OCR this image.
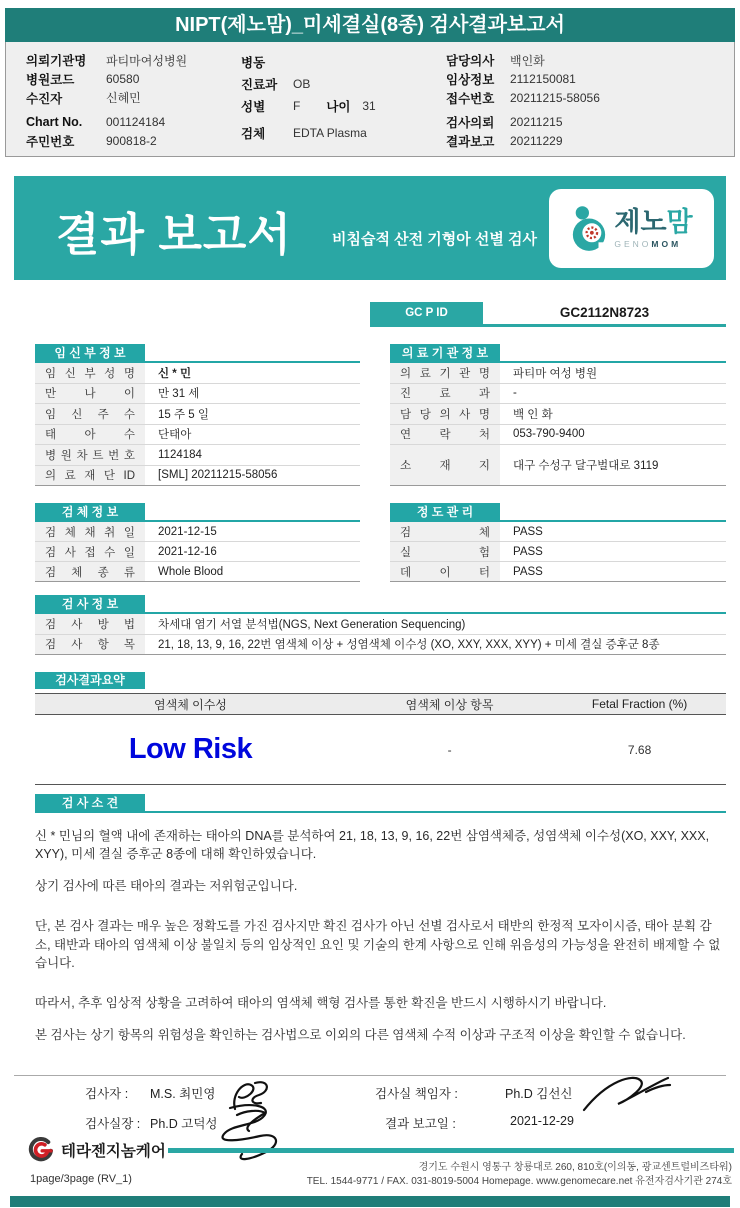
NIPT(제노맘)_미세결실(8종) 검사결과보고서
의뢰기관명	파티마여성병원
병원코드	60580
수진자	신혜민
Chart No.	001124184
주민번호	900818-2
병동
진료과	OB
성별	F 나이 31
검체	EDTA Plasma
담당의사	백인화
임상정보	2112150081
접수번호	20211215-58056
검사의뢰	20211215
결과보고	20211229
결과 보고서	비침습적 산전 기형아 선별 검사
제노맘
GENOMOM
GC P ID	GC2112N8723
임 신 부 정 보
임 신 부 성 명	신 * 민
만 나 이	만 31 세
임 신 주 수	15 주 5 일
태 아 수	단태아
병 원 차 트 번 호	1124184
의 료 재 단 ID	[SML] 20211215-58056
의 료 기 관 정 보
의 료 기 관 명	파티마 여성 병원
진 료 과	-
담 당 의 사 명	백 인 화
연 락 처	053-790-9400
소 재 지	대구 수성구 달구벌대로 3119
검 체 정 보
검 체 채 취 일	2021-12-15
검 사 접 수 일	2021-12-16
검 체 종 류	Whole Blood
정 도 관 리
검 체	PASS
실 험	PASS
데 이 터	PASS
검 사 정 보
검 사 방 법	차세대 염기 서열 분석법(NGS, Next Generation Sequencing)
검 사 항 목	21, 18, 13, 9, 16, 22번 염색체 이상 + 성염색체 이수성 (XO, XXY, XXX, XYY) + 미세 결실 증후군 8종
검사결과요약
염색체 이수성	염색체 이상 항목	Fetal Fraction (%)
Low Risk	-	7.68
검 사 소 견

신 * 민님의 혈액 내에 존재하는 태아의 DNA를 분석하여 21, 18, 13, 9, 16, 22번 삼염색체증, 성염색체 이수성(XO, XXY, XXX, XYY), 미세 결실 증후군 8종에 대해 확인하였습니다.

상기 검사에 따른 태아의 결과는 저위험군입니다.

단, 본 검사 결과는 매우 높은 정확도를 가진 검사지만 확진 검사가 아닌 선별 검사로서 태반의 한정적 모자이시즘, 태아 분획 감소, 태반과 태아의 염색체 이상 불일치 등의 임상적인 요인 및 기술의 한계 사항으로 인해 위음성의 가능성을 완전히 배제할 수 없습니다.

따라서, 추후 임상적 상황을 고려하여 태아의 염색체 핵형 검사를 통한 확진을 반드시 시행하시기 바랍니다.

본 검사는 상기 항목의 위험성을 확인하는 검사법으로 이외의 다른 염색체 수적 이상과 구조적 이상을 확인할 수 없습니다.

검사자 : M.S. 최민영	검사실 책임자 :	Ph.D 김선신
검사실장 : Ph.D 고덕성	결과 보고일 :	2021-12-29
테라젠지놈케어
1page/3page (RV_1)
경기도 수원시 영통구 창룡대로 260, 810호(이의동, 광교센트럴비즈타워)
TEL. 1544-9771 / FAX. 031-8019-5004 Homepage. www.genomecare.net 유전자검사기관 274호
